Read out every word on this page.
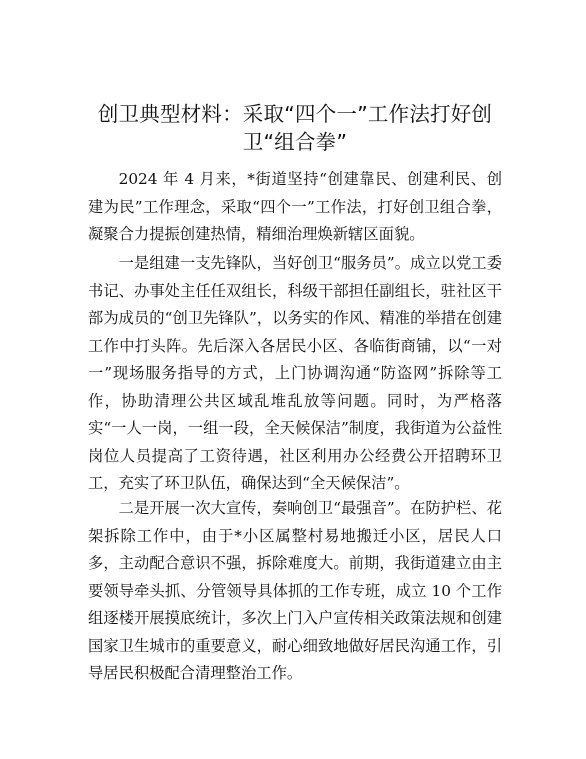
创卫典型材料：采取“四个一”工作法打好创卫“组合拳”

2024 年 4 月来，*街道坚持“创建靠民、创建利民、创建为民”工作理念，采取“四个一”工作法，打好创卫组合拳，凝聚合力提振创建热情，精细治理焕新辖区面貌。

一是组建一支先锋队，当好创卫“服务员”。成立以党工委书记、办事处主任任双组长，科级干部担任副组长，驻社区干部为成员的“创卫先锋队”，以务实的作风、精准的举措在创建工作中打头阵。先后深入各居民小区、各临街商铺，以“一对一”现场服务指导的方式，上门协调沟通“防盗网”拆除等工作，协助清理公共区域乱堆乱放等问题。同时，为严格落实“一人一岗，一组一段，全天候保洁”制度，我街道为公益性岗位人员提高了工资待遇，社区利用办公经费公开招聘环卫工，充实了环卫队伍，确保达到“全天候保洁”。

二是开展一次大宣传，奏响创卫“最强音”。在防护栏、花架拆除工作中，由于*小区属整村易地搬迁小区，居民人口多，主动配合意识不强，拆除难度大。前期，我街道建立由主要领导牵头抓、分管领导具体抓的工作专班，成立 10 个工作组逐楼开展摸底统计，多次上门入户宣传相关政策法规和创建国家卫生城市的重要意义，耐心细致地做好居民沟通工作，引导居民积极配合清理整治工作。
